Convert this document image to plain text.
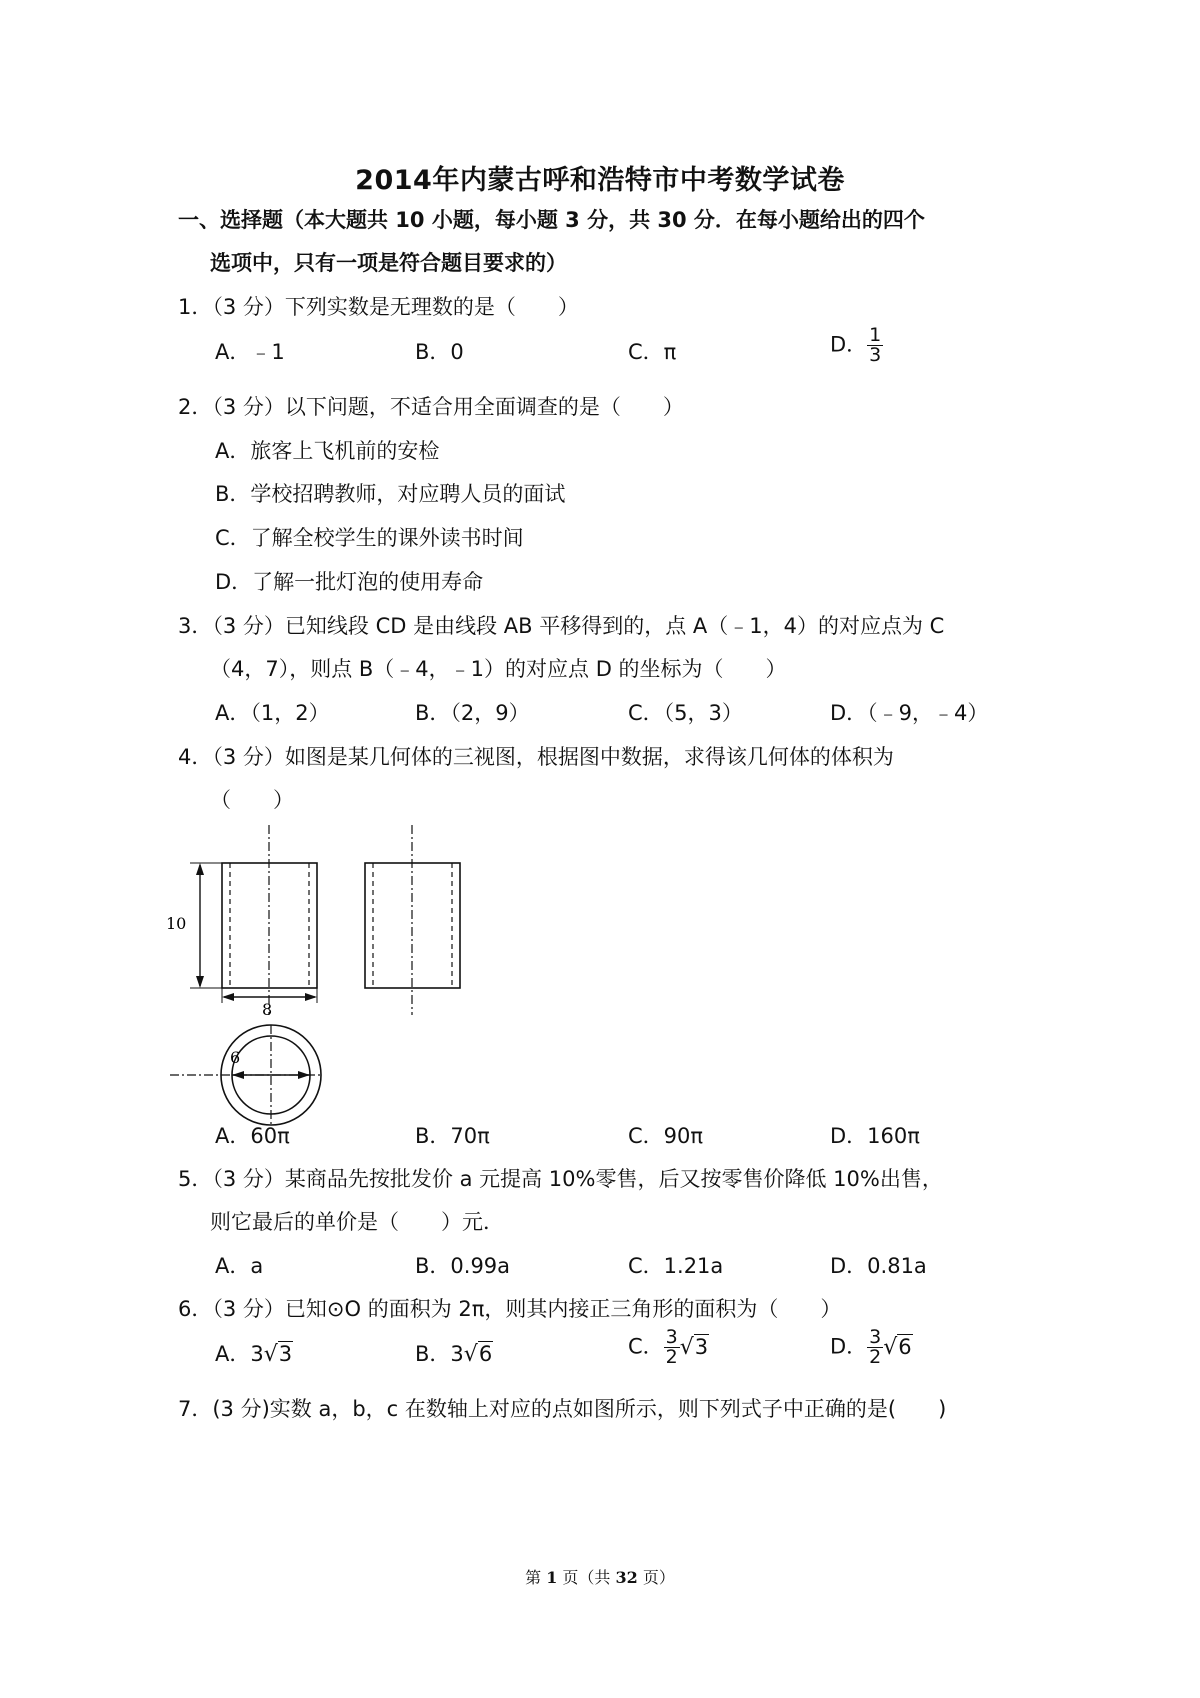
2014年内蒙古呼和浩特市中考数学试卷
一、选择题（本大题共 10 小题，每小题 3 分，共 30 分．在每小题给出的四个
选项中，只有一项是符合题目要求的）
1．（3 分）下列实数是无理数的是（　　）
A．﹣1	B．0	C．π	D． $\frac{1}{3}$
2．（3 分）以下问题，不适合用全面调查的是（　　）
A．旅客上飞机前的安检
B．学校招聘教师，对应聘人员的面试
C．了解全校学生的课外读书时间
D．了解一批灯泡的使用寿命
3．（3 分）已知线段 CD 是由线段 AB 平移得到的，点 A（﹣1，4）的对应点为 C
（4，7），则点 B（﹣4，﹣1）的对应点 D 的坐标为（　　）
A．（1，2）	B．（2，9）	C．（5，3）	D．（﹣9，﹣4）
4．（3 分）如图是某几何体的三视图，根据图中数据，求得该几何体的体积为
（　　）
10
8
6
A．60π	B．70π	C．90π	D．160π
5．（3 分）某商品先按批发价 a 元提高 10%零售，后又按零售价降低 10%出售，
则它最后的单价是（　　）元．
A．a	B．0.99a	C．1.21a	D．0.81a
6．（3 分）已知⊙O 的面积为 2π，则其内接正三角形的面积为（　　）
A．3√3	B．3√6	C． $\frac{3}{2} √3$	D． $\frac{3}{2} √6$
7．(3 分)实数 a，b，c 在数轴上对应的点如图所示，则下列式子中正确的是(　　)
第 1 页（共 32 页）
